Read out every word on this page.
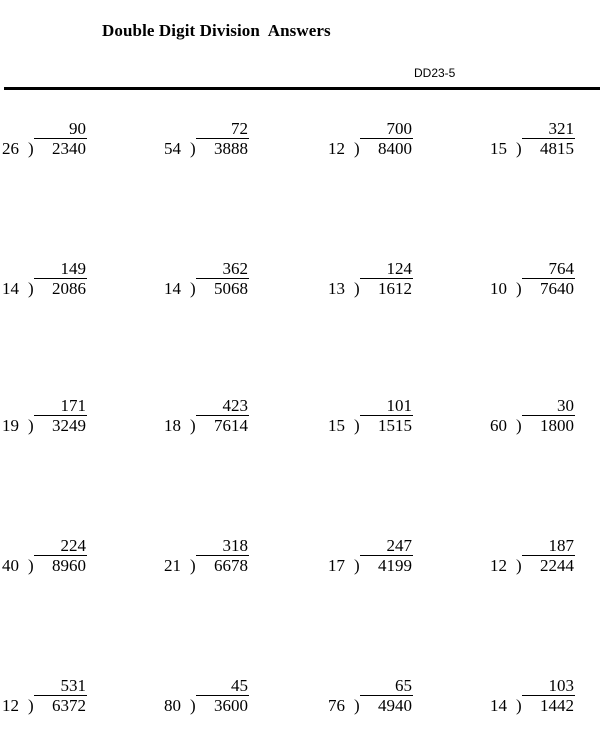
Double Digit Division  Answers
DD23-5
90
26 ) 2340
72
54 ) 3888
700
12 ) 8400
321
15 ) 4815
149
14 ) 2086
362
14 ) 5068
124
13 ) 1612
764
10 ) 7640
171
19 ) 3249
423
18 ) 7614
101
15 ) 1515
30
60 ) 1800
224
40 ) 8960
318
21 ) 6678
247
17 ) 4199
187
12 ) 2244
531
12 ) 6372
45
80 ) 3600
65
76 ) 4940
103
14 ) 1442
